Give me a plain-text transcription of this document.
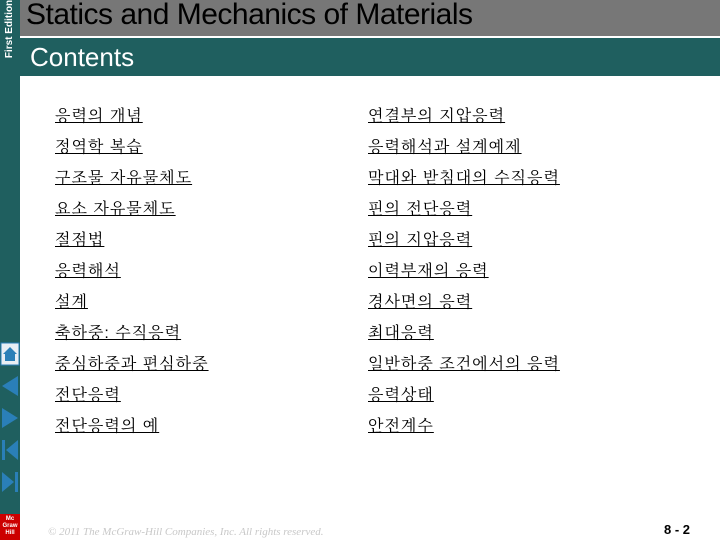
First Edition Statics and Mechanics of Materials
Contents
Mc Graw Hill
응력의 개념
정역학 복습
구조물 자유물체도
요소 자유물체도
절점법
응력해석
설계
축하중: 수직응력
중심하중과 편심하중
전단응력
전단응력의 예
연결부의 지압응력
응력해석과 설계예제
막대와 받침대의 수직응력
핀의 전단응력
핀의 지압응력
이력부재의 응력
경사면의 응력
최대응력
일반하중 조건에서의 응력
응력상태
안전계수
© 2011 The McGraw-Hill Companies, Inc. All rights reserved.	8 - 2
